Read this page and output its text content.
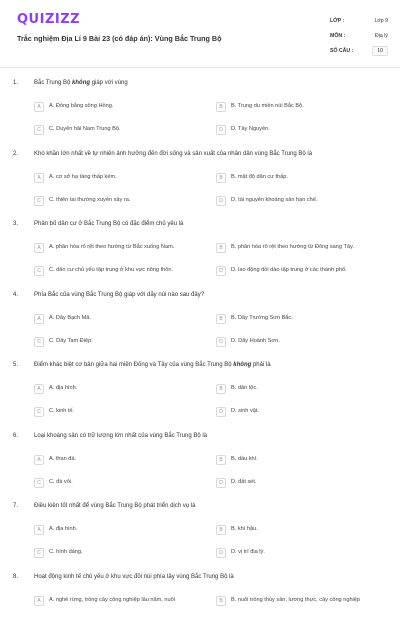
QUIZIZZ
Trắc nghiệm Địa Lí 9 Bài 23 (có đáp án): Vùng Bắc Trung Bộ
LỚP :	Lớp 9
MÔN :	Địa lý
SỐ CÂU :	10
1.	Bắc Trung Bộ không giáp với vùng
A	A. Đồng bằng sông Hồng.	B	B. Trung du miền núi Bắc Bộ.
C	C. Duyên hải Nam Trung Bộ.	D	D. Tây Nguyên.
2.	Khó khăn lớn nhất về tự nhiên ảnh hưởng đến đời sống và sản xuất của nhân dân vùng Bắc Trung Bộ là
A	A. cơ sở hạ tầng thấp kém.	B	B. mật độ dân cư thấp.
C	C. thiên tai thường xuyên xảy ra.	D	D. tài nguyên khoáng sản hạn chế.
3.	Phân bố dân cư ở Bắc Trung Bộ có đặc điểm chủ yếu là
A	A. phân hóa rõ rệt theo hướng từ Bắc xuống Nam.	B	B. phân hóa rõ rệt theo hướng từ Đông sang Tây.
C	C. dân cư chủ yếu tập trung ở khu vực nông thôn.	D	D. lao động dồi dào tập trung ở các thành phố.
4.	Phía Bắc của vùng Bắc Trung Bộ giáp với dãy núi nào sau đây?
A	A. Dãy Bạch Mã.	B	B. Dãy Trường Sơn Bắc.
C	C. Dãy Tam Điệp.	D	D. Dãy Hoành Sơn.
5.	Điểm khác biệt cơ bản giữa hai miền Đông và Tây của vùng Bắc Trung Bộ không phải là
A	A. địa hình.	B	B. dân tộc.
C	C. kinh tế.	D	D. sinh vật.
6.	Loại khoáng sản có trữ lượng lớn nhất của vùng Bắc Trung Bộ là
A	A. than đá.	B	B. dầu khí.
C	C. đá vôi.	D	D. đất sét.
7.	Điều kiện tốt nhất để vùng Bắc Trung Bộ phát triển dịch vụ là
A	A. địa hình.	B	B. khí hậu.
C	C. hình dáng.	D	D. vị trí địa lý.
8.	Hoạt động kinh tế chủ yếu ở khu vực đồi núi phía tây vùng Bắc Trung Bộ là
A	A. nghề rừng, trồng cây công nghiệp lâu năm, nuôi	B	B. nuôi trồng thủy sản, lương thực, cây công nghiệp
